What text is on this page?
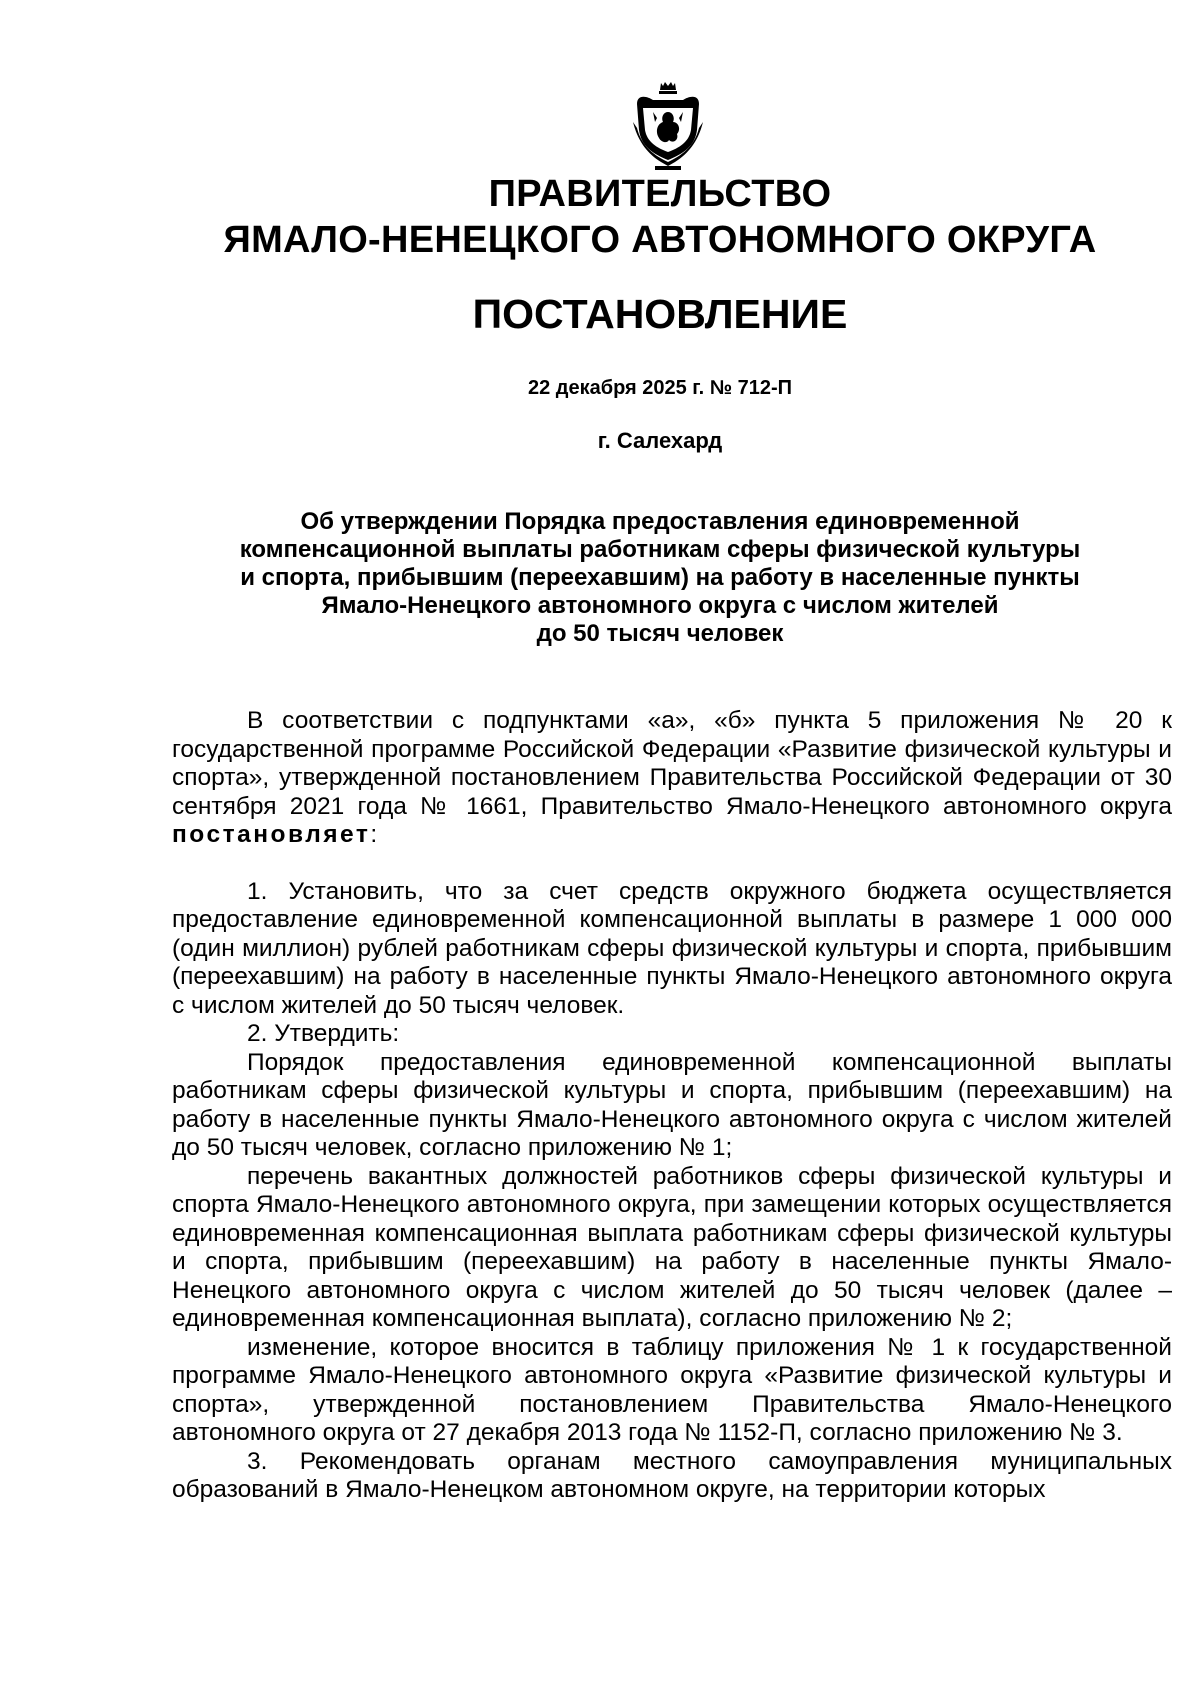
ПРАВИТЕЛЬСТВО
ЯМАЛО-НЕНЕЦКОГО АВТОНОМНОГО ОКРУГА
ПОСТАНОВЛЕНИЕ
22 декабря 2025 г. № 712-П
г. Салехард
Об утверждении Порядка предоставления единовременной
компенсационной выплаты работникам сферы физической культуры
и спорта, прибывшим (переехавшим) на работу в населенные пункты
Ямало-Ненецкого автономного округа с числом жителей
до 50 тысяч человек

В соответствии с подпунктами «а», «б» пункта 5 приложения № 20 к государственной программе Российской Федерации «Развитие физической культуры и спорта», утвержденной постановлением Правительства Российской Федерации от 30 сентября 2021 года № 1661, Правительство Ямало-Ненецкого автономного округа постановляет:

1. Установить, что за счет средств окружного бюджета осуществляется предоставление единовременной компенсационной выплаты в размере 1 000 000 (один миллион) рублей работникам сферы физической культуры и спорта, прибывшим (переехавшим) на работу в населенные пункты Ямало-Ненецкого автономного округа с числом жителей до 50 тысяч человек.

2. Утвердить:

Порядок предоставления единовременной компенсационной выплаты работникам сферы физической культуры и спорта, прибывшим (переехавшим) на работу в населенные пункты Ямало-Ненецкого автономного округа с числом жителей до 50 тысяч человек, согласно приложению № 1;

перечень вакантных должностей работников сферы физической культуры и спорта Ямало-Ненецкого автономного округа, при замещении которых осуществляется единовременная компенсационная выплата работникам сферы физической культуры и спорта, прибывшим (переехавшим) на работу в населенные пункты Ямало-Ненецкого автономного округа с числом жителей до 50 тысяч человек (далее – единовременная компенсационная выплата), согласно приложению № 2;

изменение, которое вносится в таблицу приложения № 1 к государственной программе Ямало-Ненецкого автономного округа «Развитие физической культуры и спорта», утвержденной постановлением Правительства Ямало-Ненецкого автономного округа от 27 декабря 2013 года № 1152-П, согласно приложению № 3.

3. Рекомендовать органам местного самоуправления муниципальных образований в Ямало-Ненецком автономном округе, на территории которых
